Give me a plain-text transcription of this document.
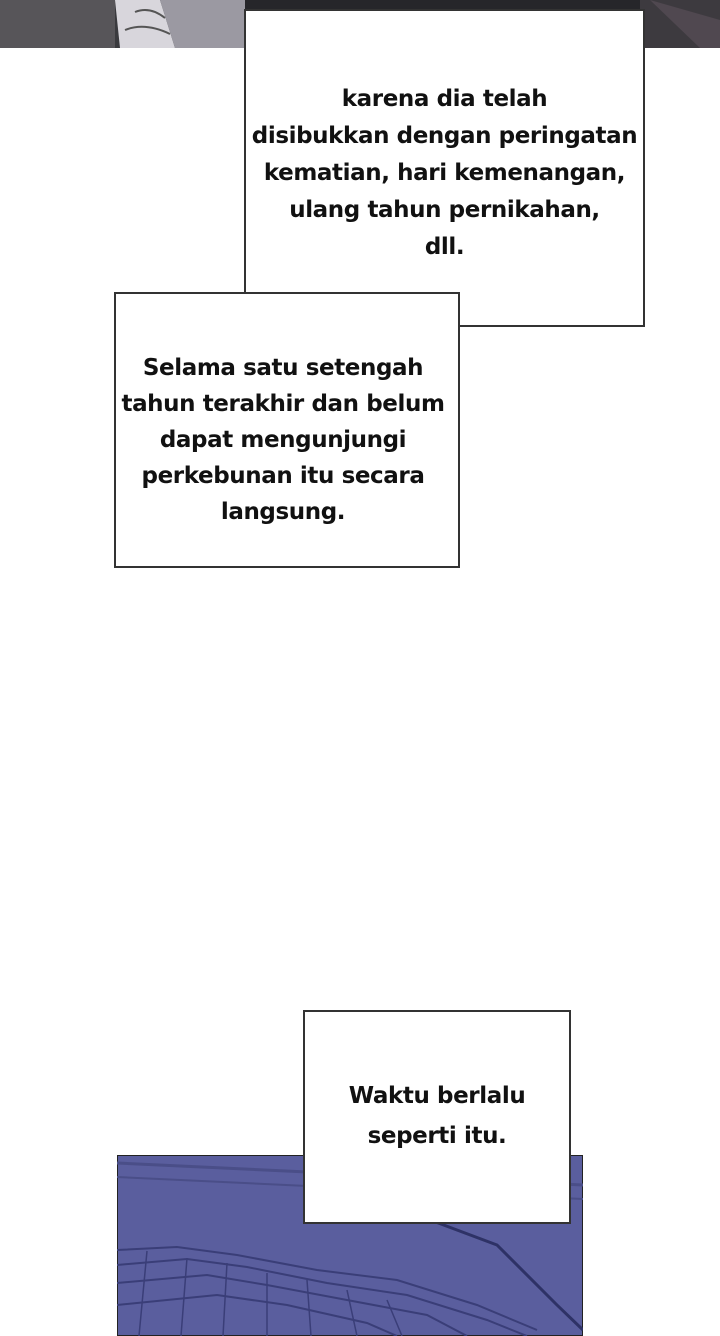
karena dia telah

disibukkan dengan peringatan

kematian, hari kemenangan,

ulang tahun pernikahan,

dll.

Selama satu setengah

tahun terakhir dan belum

dapat mengunjungi

perkebunan itu secara

langsung.

Waktu berlalu

seperti itu.
